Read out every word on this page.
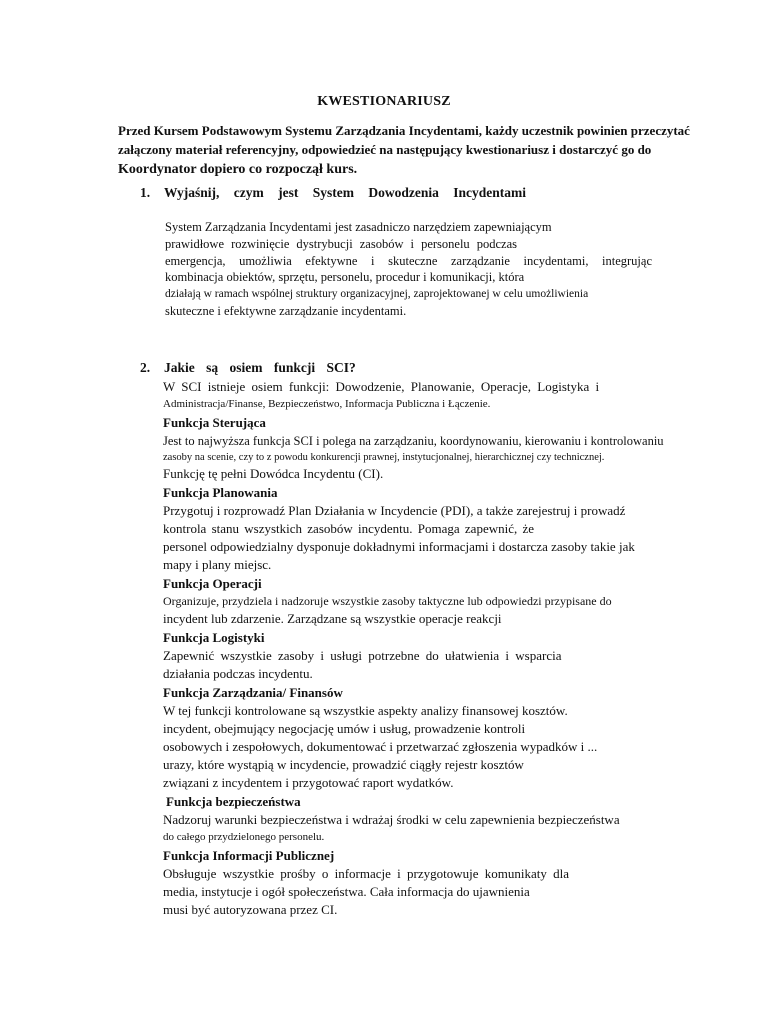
KWESTIONARIUSZ
Przed Kursem Podstawowym Systemu Zarządzania Incydentami, każdy uczestnik powinien przeczytać
załączony materiał referencyjny, odpowiedzieć na następujący kwestionariusz i dostarczyć go do
Koordynator dopiero co rozpoczął kurs.
1. Wyjaśnij, czym jest System Dowodzenia Incydentami
System Zarządzania Incydentami jest zasadniczo narzędziem zapewniającym
prawidłowe rozwinięcie dystrybucji zasobów i personelu podczas
emergencja, umożliwia efektywne i skuteczne zarządzanie incydentami, integrując
kombinacja obiektów, sprzętu, personelu, procedur i komunikacji, która
działają w ramach wspólnej struktury organizacyjnej, zaprojektowanej w celu umożliwienia
skuteczne i efektywne zarządzanie incydentami.
2. Jakie są osiem funkcji SCI?
W SCI istnieje osiem funkcji: Dowodzenie, Planowanie, Operacje, Logistyka i
Administracja/Finanse, Bezpieczeństwo, Informacja Publiczna i Łączenie.
Funkcja Sterująca
Jest to najwyższa funkcja SCI i polega na zarządzaniu, koordynowaniu, kierowaniu i kontrolowaniu
zasoby na scenie, czy to z powodu konkurencji prawnej, instytucjonalnej, hierarchicznej czy technicznej.
Funkcję tę pełni Dowódca Incydentu (CI).
Funkcja Planowania
Przygotuj i rozprowadź Plan Działania w Incydencie (PDI), a także zarejestruj i prowadź
kontrola stanu wszystkich zasobów incydentu. Pomaga zapewnić, że
personel odpowiedzialny dysponuje dokładnymi informacjami i dostarcza zasoby takie jak
mapy i plany miejsc.
Funkcja Operacji
Organizuje, przydziela i nadzoruje wszystkie zasoby taktyczne lub odpowiedzi przypisane do
incydent lub zdarzenie. Zarządzane są wszystkie operacje reakcji
Funkcja Logistyki
Zapewnić wszystkie zasoby i usługi potrzebne do ułatwienia i wsparcia
działania podczas incydentu.
Funkcja Zarządzania/ Finansów
W tej funkcji kontrolowane są wszystkie aspekty analizy finansowej kosztów.
incydent, obejmujący negocjację umów i usług, prowadzenie kontroli
osobowych i zespołowych, dokumentować i przetwarzać zgłoszenia wypadków i ...
urazy, które wystąpią w incydencie, prowadzić ciągły rejestr kosztów
związani z incydentem i przygotować raport wydatków.
Funkcja bezpieczeństwa
Nadzoruj warunki bezpieczeństwa i wdrażaj środki w celu zapewnienia bezpieczeństwa
do całego przydzielonego personelu.
Funkcja Informacji Publicznej
Obsługuje wszystkie prośby o informacje i przygotowuje komunikaty dla
media, instytucje i ogół społeczeństwa. Cała informacja do ujawnienia
musi być autoryzowana przez CI.
